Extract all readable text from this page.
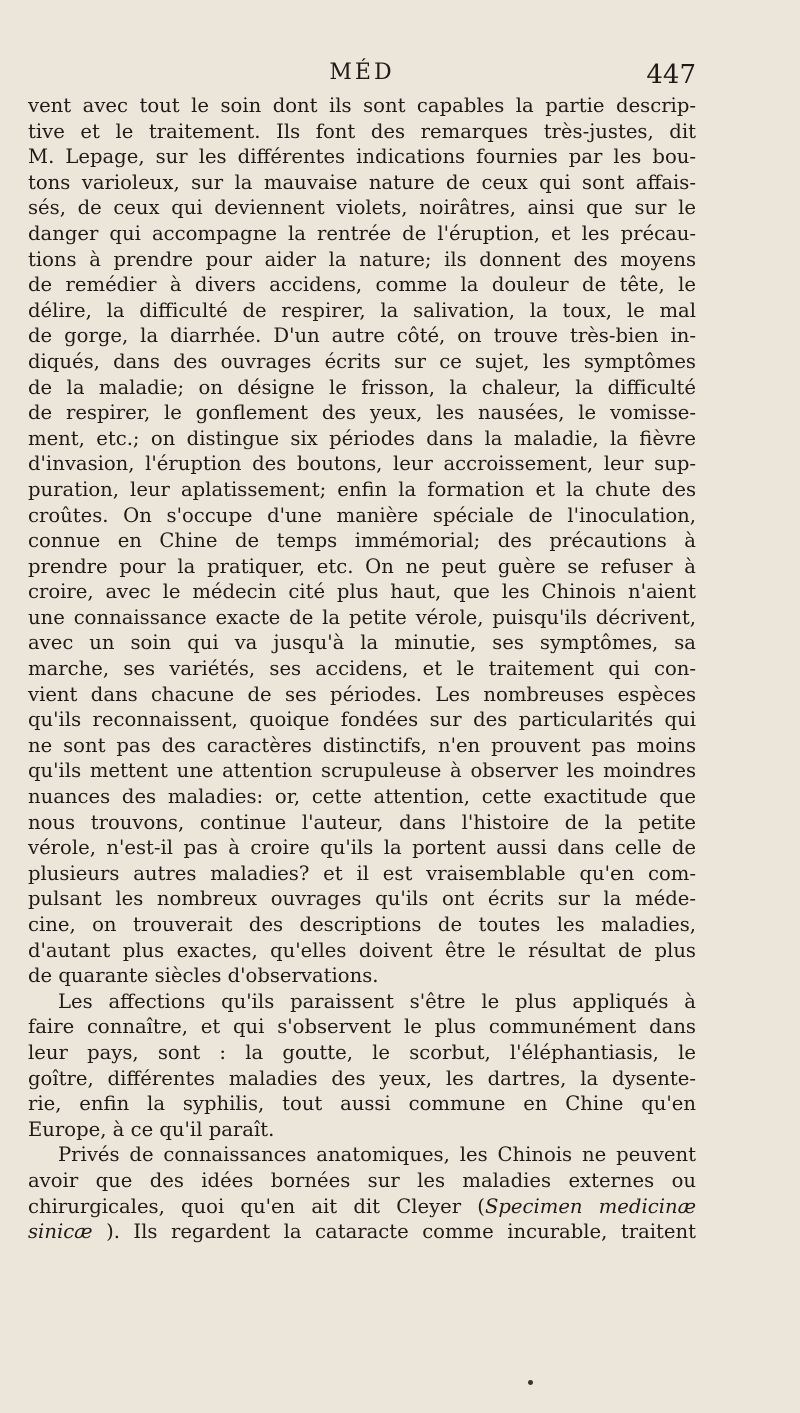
MÉD	447
vent avec tout le soin dont ils sont capables la partie descrip-
tive et le traitement. Ils font des remarques très-justes, dit
M. Lepage, sur les différentes indications fournies par les bou-
tons varioleux, sur la mauvaise nature de ceux qui sont affais-
sés, de ceux qui deviennent violets, noirâtres, ainsi que sur le
danger qui accompagne la rentrée de l'éruption, et les précau-
tions à prendre pour aider la nature; ils donnent des moyens
de remédier à divers accidens, comme la douleur de tête, le
délire, la difficulté de respirer, la salivation, la toux, le mal
de gorge, la diarrhée. D'un autre côté, on trouve très-bien in-
diqués, dans des ouvrages écrits sur ce sujet, les symptômes
de la maladie; on désigne le frisson, la chaleur, la difficulté
de respirer, le gonflement des yeux, les nausées, le vomisse-
ment, etc.; on distingue six périodes dans la maladie, la fièvre
d'invasion, l'éruption des boutons, leur accroissement, leur sup-
puration, leur aplatissement; enfin la formation et la chute des
croûtes. On s'occupe d'une manière spéciale de l'inoculation,
connue en Chine de temps immémorial; des précautions à
prendre pour la pratiquer, etc. On ne peut guère se refuser à
croire, avec le médecin cité plus haut, que les Chinois n'aient
une connaissance exacte de la petite vérole, puisqu'ils décrivent,
avec un soin qui va jusqu'à la minutie, ses symptômes, sa
marche, ses variétés, ses accidens, et le traitement qui con-
vient dans chacune de ses périodes. Les nombreuses espèces
qu'ils reconnaissent, quoique fondées sur des particularités qui
ne sont pas des caractères distinctifs, n'en prouvent pas moins
qu'ils mettent une attention scrupuleuse à observer les moindres
nuances des maladies: or, cette attention, cette exactitude que
nous trouvons, continue l'auteur, dans l'histoire de la petite
vérole, n'est-il pas à croire qu'ils la portent aussi dans celle de
plusieurs autres maladies? et il est vraisemblable qu'en com-
pulsant les nombreux ouvrages qu'ils ont écrits sur la méde-
cine, on trouverait des descriptions de toutes les maladies,
d'autant plus exactes, qu'elles doivent être le résultat de plus
de quarante siècles d'observations.
Les affections qu'ils paraissent s'être le plus appliqués à
faire connaître, et qui s'observent le plus communément dans
leur pays, sont : la goutte, le scorbut, l'éléphantiasis, le
goître, différentes maladies des yeux, les dartres, la dysente-
rie, enfin la syphilis, tout aussi commune en Chine qu'en
Europe, à ce qu'il paraît.
Privés de connaissances anatomiques, les Chinois ne peuvent
avoir que des idées bornées sur les maladies externes ou
chirurgicales, quoi qu'en ait dit Cleyer (Specimen medicinæ
sinicæ ). Ils regardent la cataracte comme incurable, traitent
